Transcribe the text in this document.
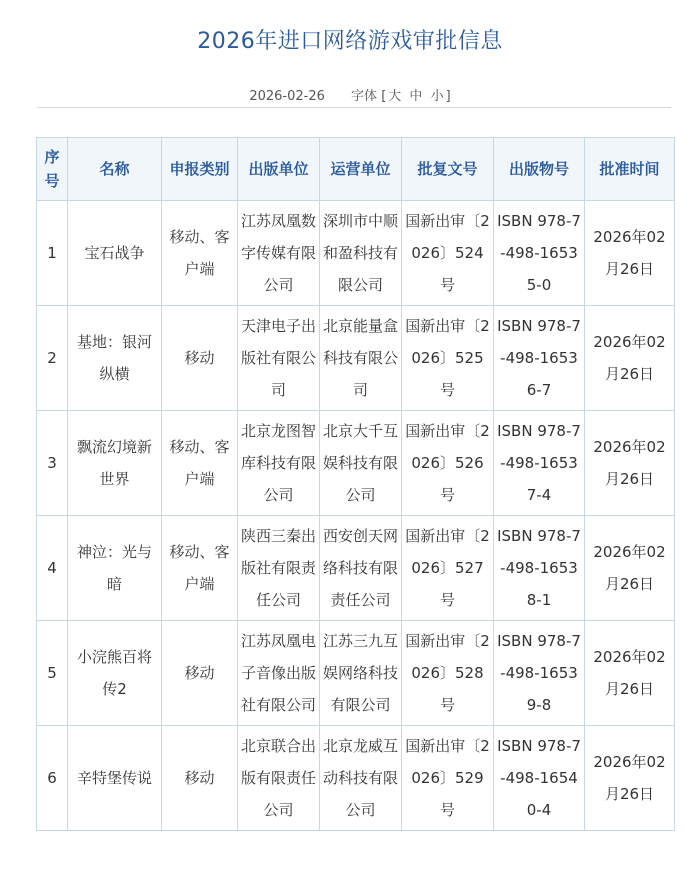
2026年进口网络游戏审批信息
2026-02-26 字体 [ 大 中 小 ]
序号	名称	申报类别	出版单位	运营单位	批复文号	出版物号	批准时间
1	宝石战争	移动、客户端	江苏凤凰数字传媒有限公司	深圳市中顺和盈科技有限公司	国新出审〔2026〕524号	ISBN 978-7-498-16535-0	2026年02月26日
2	基地：银河纵横	移动	天津电子出版社有限公司	北京能量盒科技有限公司	国新出审〔2026〕525号	ISBN 978-7-498-16536-7	2026年02月26日
3	飘流幻境新世界	移动、客户端	北京龙图智库科技有限公司	北京大千互娱科技有限公司	国新出审〔2026〕526号	ISBN 978-7-498-16537-4	2026年02月26日
4	神泣：光与暗	移动、客户端	陕西三秦出版社有限责任公司	西安创天网络科技有限责任公司	国新出审〔2026〕527号	ISBN 978-7-498-16538-1	2026年02月26日
5	小浣熊百将传2	移动	江苏凤凰电子音像出版社有限公司	江苏三九互娱网络科技有限公司	国新出审〔2026〕528号	ISBN 978-7-498-16539-8	2026年02月26日
6	辛特堡传说	移动	北京联合出版有限责任公司	北京龙威互动科技有限公司	国新出审〔2026〕529号	ISBN 978-7-498-16540-4	2026年02月26日
